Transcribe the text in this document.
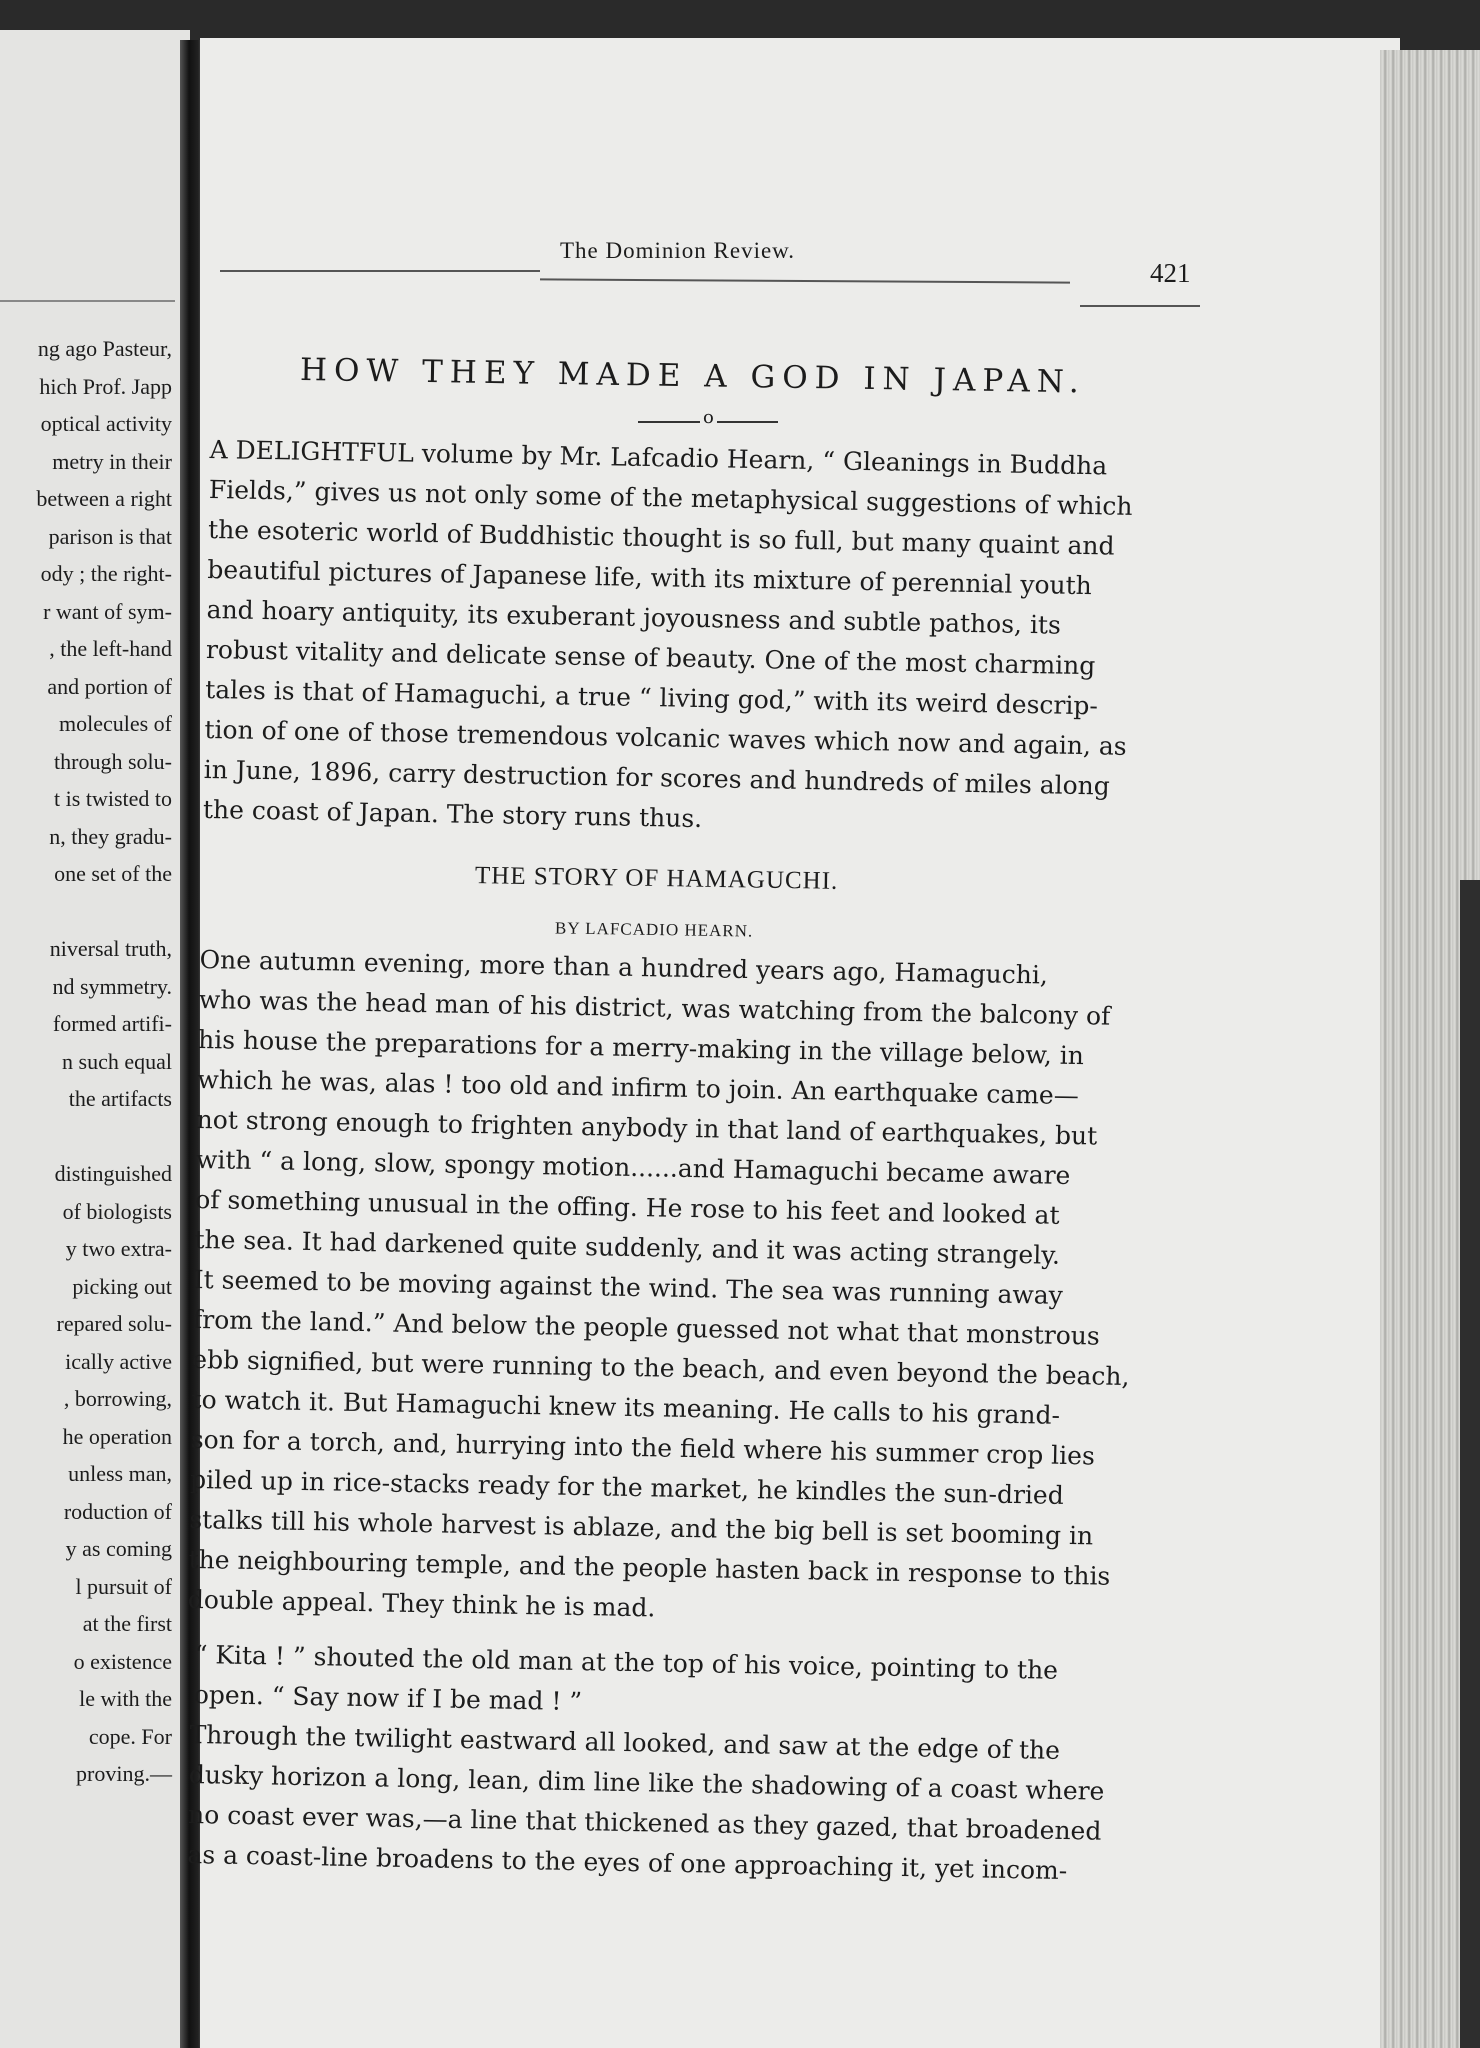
ng ago Pasteur,
hich Prof. Japp
optical activity
metry in their
between a right
parison is that
ody ; the right-
r want of sym-
, the left-hand
and portion of
molecules of
through solu-
t is twisted to
n, they gradu-
one set of the
niversal truth,
nd symmetry.
formed artifi-
n such equal
the artifacts
distinguished
of biologists
y two extra-
picking out
repared solu-
ically active
, borrowing,
he operation
unless man,
roduction of
y as coming
l pursuit of
at the first
o existence
le with the
cope. For
proving.—
The Dominion Review.
421
HOW THEY MADE A GOD IN JAPAN.
o
A DELIGHTFUL volume by Mr. Lafcadio Hearn, “ Gleanings in Buddha
Fields,” gives us not only some of the metaphysical suggestions of which
the esoteric world of Buddhistic thought is so full, but many quaint and
beautiful pictures of Japanese life, with its mixture of perennial youth
and hoary antiquity, its exuberant joyousness and subtle pathos, its
robust vitality and delicate sense of beauty. One of the most charming
tales is that of Hamaguchi, a true “ living god,” with its weird descrip-
tion of one of those tremendous volcanic waves which now and again, as
in June, 1896, carry destruction for scores and hundreds of miles along
the coast of Japan. The story runs thus.
THE STORY OF HAMAGUCHI.
BY LAFCADIO HEARN.
One autumn evening, more than a hundred years ago, Hamaguchi,
who was the head man of his district, was watching from the balcony of
his house the preparations for a merry-making in the village below, in
which he was, alas ! too old and infirm to join. An earthquake came—
not strong enough to frighten anybody in that land of earthquakes, but
with “ a long, slow, spongy motion......and Hamaguchi became aware
of something unusual in the offing. He rose to his feet and looked at
the sea. It had darkened quite suddenly, and it was acting strangely.
It seemed to be moving against the wind. The sea was running away
from the land.” And below the people guessed not what that monstrous
ebb signified, but were running to the beach, and even beyond the beach,
to watch it. But Hamaguchi knew its meaning. He calls to his grand-
son for a torch, and, hurrying into the field where his summer crop lies
piled up in rice-stacks ready for the market, he kindles the sun-dried
stalks till his whole harvest is ablaze, and the big bell is set booming in
the neighbouring temple, and the people hasten back in response to this
double appeal. They think he is mad.
“ Kita ! ” shouted the old man at the top of his voice, pointing to the
open. “ Say now if I be mad ! ”
Through the twilight eastward all looked, and saw at the edge of the
dusky horizon a long, lean, dim line like the shadowing of a coast where
no coast ever was,—a line that thickened as they gazed, that broadened
as a coast-line broadens to the eyes of one approaching it, yet incom-
